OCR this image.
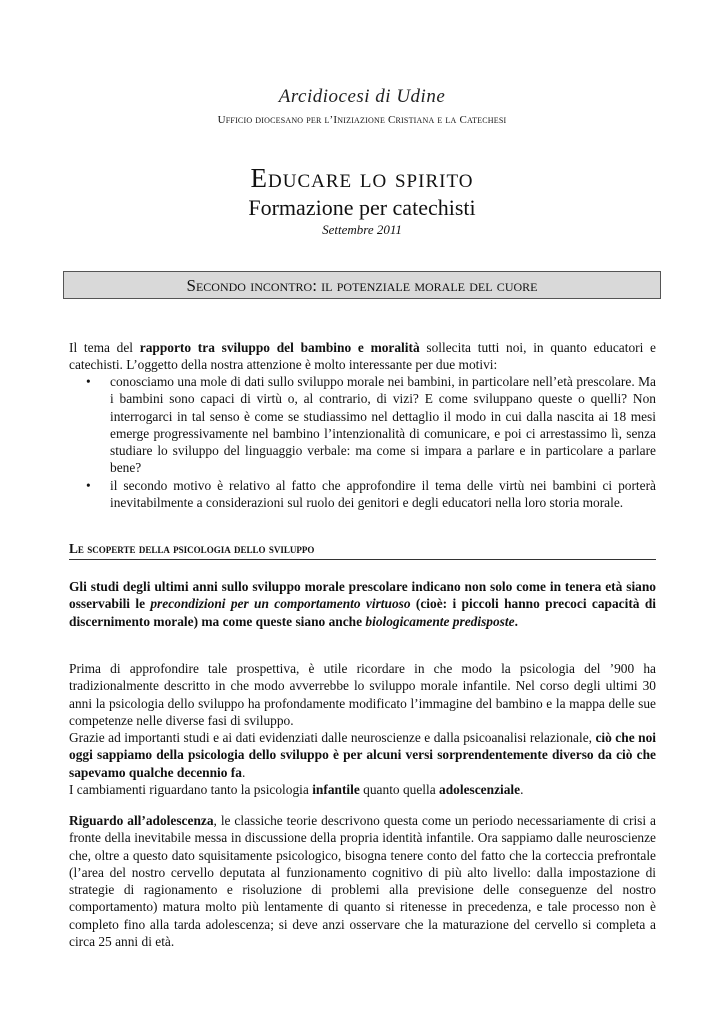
Arcidiocesi di Udine
Ufficio diocesano per l’Iniziazione Cristiana e la Catechesi
Educare lo spirito
Formazione per catechisti
Settembre 2011
Secondo incontro: il potenziale morale del cuore
Il tema del rapporto tra sviluppo del bambino e moralità sollecita tutti noi, in quanto educatori e catechisti. L’oggetto della nostra attenzione è molto interessante per due motivi:
• conosciamo una mole di dati sullo sviluppo morale nei bambini, in particolare nell’età prescolare. Ma i bambini sono capaci di virtù o, al contrario, di vizi? E come sviluppano queste o quelli? Non interrogarci in tal senso è come se studiassimo nel dettaglio il modo in cui dalla nascita ai 18 mesi emerge progressivamente nel bambino l’intenzionalità di comunicare, e poi ci arrestassimo lì, senza studiare lo sviluppo del linguaggio verbale: ma come si impara a parlare e in particolare a parlare bene?
• il secondo motivo è relativo al fatto che approfondire il tema delle virtù nei bambini ci porterà inevitabilmente a considerazioni sul ruolo dei genitori e degli educatori nella loro storia morale.
Le scoperte della psicologia dello sviluppo
Gli studi degli ultimi anni sullo sviluppo morale prescolare indicano non solo come in tenera età siano osservabili le precondizioni per un comportamento virtuoso (cioè: i piccoli hanno precoci capacità di discernimento morale) ma come queste siano anche biologicamente predisposte.
Prima di approfondire tale prospettiva, è utile ricordare in che modo la psicologia del ’900 ha tradizionalmente descritto in che modo avverrebbe lo sviluppo morale infantile. Nel corso degli ultimi 30 anni la psicologia dello sviluppo ha profondamente modificato l’immagine del bambino e la mappa delle sue competenze nelle diverse fasi di sviluppo.
Grazie ad importanti studi e ai dati evidenziati dalle neuroscienze e dalla psicoanalisi relazionale, ciò che noi oggi sappiamo della psicologia dello sviluppo è per alcuni versi sorprendentemente diverso da ciò che sapevamo qualche decennio fa.
I cambiamenti riguardano tanto la psicologia infantile quanto quella adolescenziale.
Riguardo all’adolescenza, le classiche teorie descrivono questa come un periodo necessariamente di crisi a fronte della inevitabile messa in discussione della propria identità infantile. Ora sappiamo dalle neuroscienze che, oltre a questo dato squisitamente psicologico, bisogna tenere conto del fatto che la corteccia prefrontale (l’area del nostro cervello deputata al funzionamento cognitivo di più alto livello: dalla impostazione di strategie di ragionamento e risoluzione di problemi alla previsione delle conseguenze del nostro comportamento) matura molto più lentamente di quanto si ritenesse in precedenza, e tale processo non è completo fino alla tarda adolescenza; si deve anzi osservare che la maturazione del cervello si completa a circa 25 anni di età.
